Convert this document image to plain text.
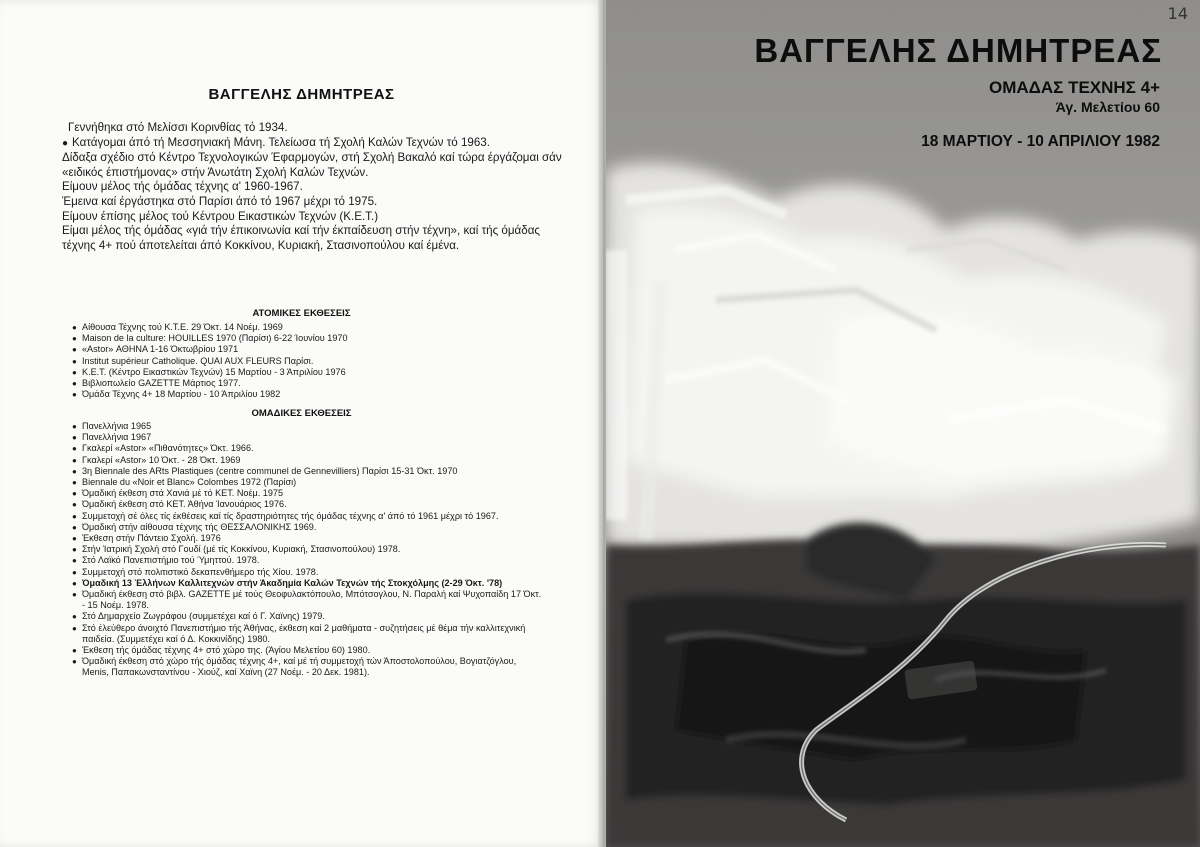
ΒΑΓΓΕΛΗΣ ΔΗΜΗΤΡΕΑΣ

Γεννήθηκα στό Μελίσσι Κορινθίας τό 1934.

● Κατάγομαι άπό τή Μεσσηνιακή Μάνη. Τελείωσα τή Σχολή Καλών Τεχνών τό 1963.

Δίδαξα σχέδιο στό Κέντρο Τεχνολογικών Έφαρμογών, στή Σχολή Βακαλό καί τώρα έργάζομαι σάν «ειδικός έπιστήμονας» στήν Άνωτάτη Σχολή Καλών Τεχνών.

Είμουν μέλος τής όμάδας τέχνης α' 1960-1967.

Έμεινα καί έργάστηκα στό Παρίσι άπό τό 1967 μέχρι τό 1975.

Είμουν έπίσης μέλος τού Κέντρου Εικαστικών Τεχνών (Κ.Ε.Τ.)

Είμαι μέλος τής όμάδας «γιά τήν έπικοινωνία καί τήν έκπαίδευση στήν τέχνη», καί τής όμάδας τέχνης 4+ πού άποτελείται άπό Κοκκίνου, Κυριακή, Στασινοπούλου καί έμένα.

ΑΤΟΜΙΚΕΣ ΕΚΘΕΣΕΙΣ
● Αίθουσα Τέχνης τού Κ.Τ.Ε. 29 Όκτ. 14 Νοέμ. 1969
● Maison de la culture: HOUILLES 1970 (Παρίσι) 6-22 Ίουνίου 1970
● «Astor» ΑΘΗΝΑ 1-16 Όκτωβρίου 1971
● Institut supérieur Catholique. QUAI AUX FLEURS Παρίσι.
● Κ.Ε.Τ. (Κέντρο Εικαστικών Τεχνών) 15 Μαρτίου - 3 Άπριλίου 1976
● Βιβλιοπωλείο GAZETTE Μάρτιος 1977.
● Όμάδα Τέχνης 4+ 18 Μαρτίου - 10 Άπριλίου 1982
ΟΜΑΔΙΚΕΣ ΕΚΘΕΣΕΙΣ
● Πανελλήνια 1965
● Πανελλήνια 1967
● Γκαλερί «Astor» «Πιθανότητες» Όκτ. 1966.
● Γκαλερί «Astor» 10 Όκτ. - 28 Όκτ. 1969
● 3η Biennale des ARts Plastiques (centre communel de Gennevilliers) Παρίσι 15-31 Όκτ. 1970
● Biennale du «Noir et Blanc» Colombes 1972 (Παρίσι)
● Όμαδική έκθεση στά Χανιά μέ τό ΚΕΤ. Νοέμ. 1975
● Όμαδική έκθεση στό ΚΕΤ. Άθήνα Ίανουάριος 1976.
● Συμμετοχή σέ όλες τίς έκθέσεις καί τίς δραστηριότητες τής όμάδας τέχνης α' άπό τό 1961 μέχρι τό 1967.
● Όμαδική στήν αίθουσα τέχνης τής ΘΕΣΣΑΛΟΝΙΚΗΣ 1969.
● Έκθεση στήν Πάντειο Σχολή. 1976
● Στήν Ίατρική Σχολή στό Γουδί (μέ τίς Κοκκίνου, Κυριακή, Στασινοπούλου) 1978.
● Στό Λαϊκό Πανεπιστήμιο τού Ύμηττού. 1978.
● Συμμετοχή στό πολιτιστικό δεκαπενθήμερο τής Χίου. 1978.
● Όμαδική 13 Έλλήνων Καλλιτεχνών στήν Άκαδημία Καλών Τεχνών τής Στοκχόλμης (2-29 Όκτ. '78)
● Όμαδική έκθεση στό βιβλ. GAZETTE μέ τούς Θεοφυλακτόπουλο, Μπότσογλου, Ν. Παραλή καί Ψυχοπαίδη 17 Όκτ. - 15 Νοέμ. 1978.
● Στό Δημαρχείο Ζωγράφου (συμμετέχει καί ό Γ. Χαϊνης) 1979.
● Στό έλεύθερο άνοιχτό Πανεπιστήμιο τής Άθήνας, έκθεση καί 2 μαθήματα - συζητήσεις μέ θέμα τήν καλλιτεχνική παιδεία. (Συμμετέχει καί ό Δ. Κοκκινίδης) 1980.
● Έκθεση τής όμάδας τέχνης 4+ στό χώρο της. (Άγίου Μελετίου 60) 1980.
● Όμαδική έκθεση στό χώρο τής όμάδας τέχνης 4+, καί μέ τή συμμετοχή τών Άποστολοπούλου, Βογιατζόγλου, Menis, Παπακωνσταντίνου - Χιούζ, καί Χαϊνη (27 Νοέμ. - 20 Δεκ. 1981).
ΒΑΓΓΕΛΗΣ ΔΗΜΗΤΡΕΑΣ
ΟΜΑΔΑΣ ΤΕΧΝΗΣ 4+
Άγ. Μελετίου 60
18 ΜΑΡΤΙΟΥ - 10 ΑΠΡΙΛΙΟΥ 1982
14
